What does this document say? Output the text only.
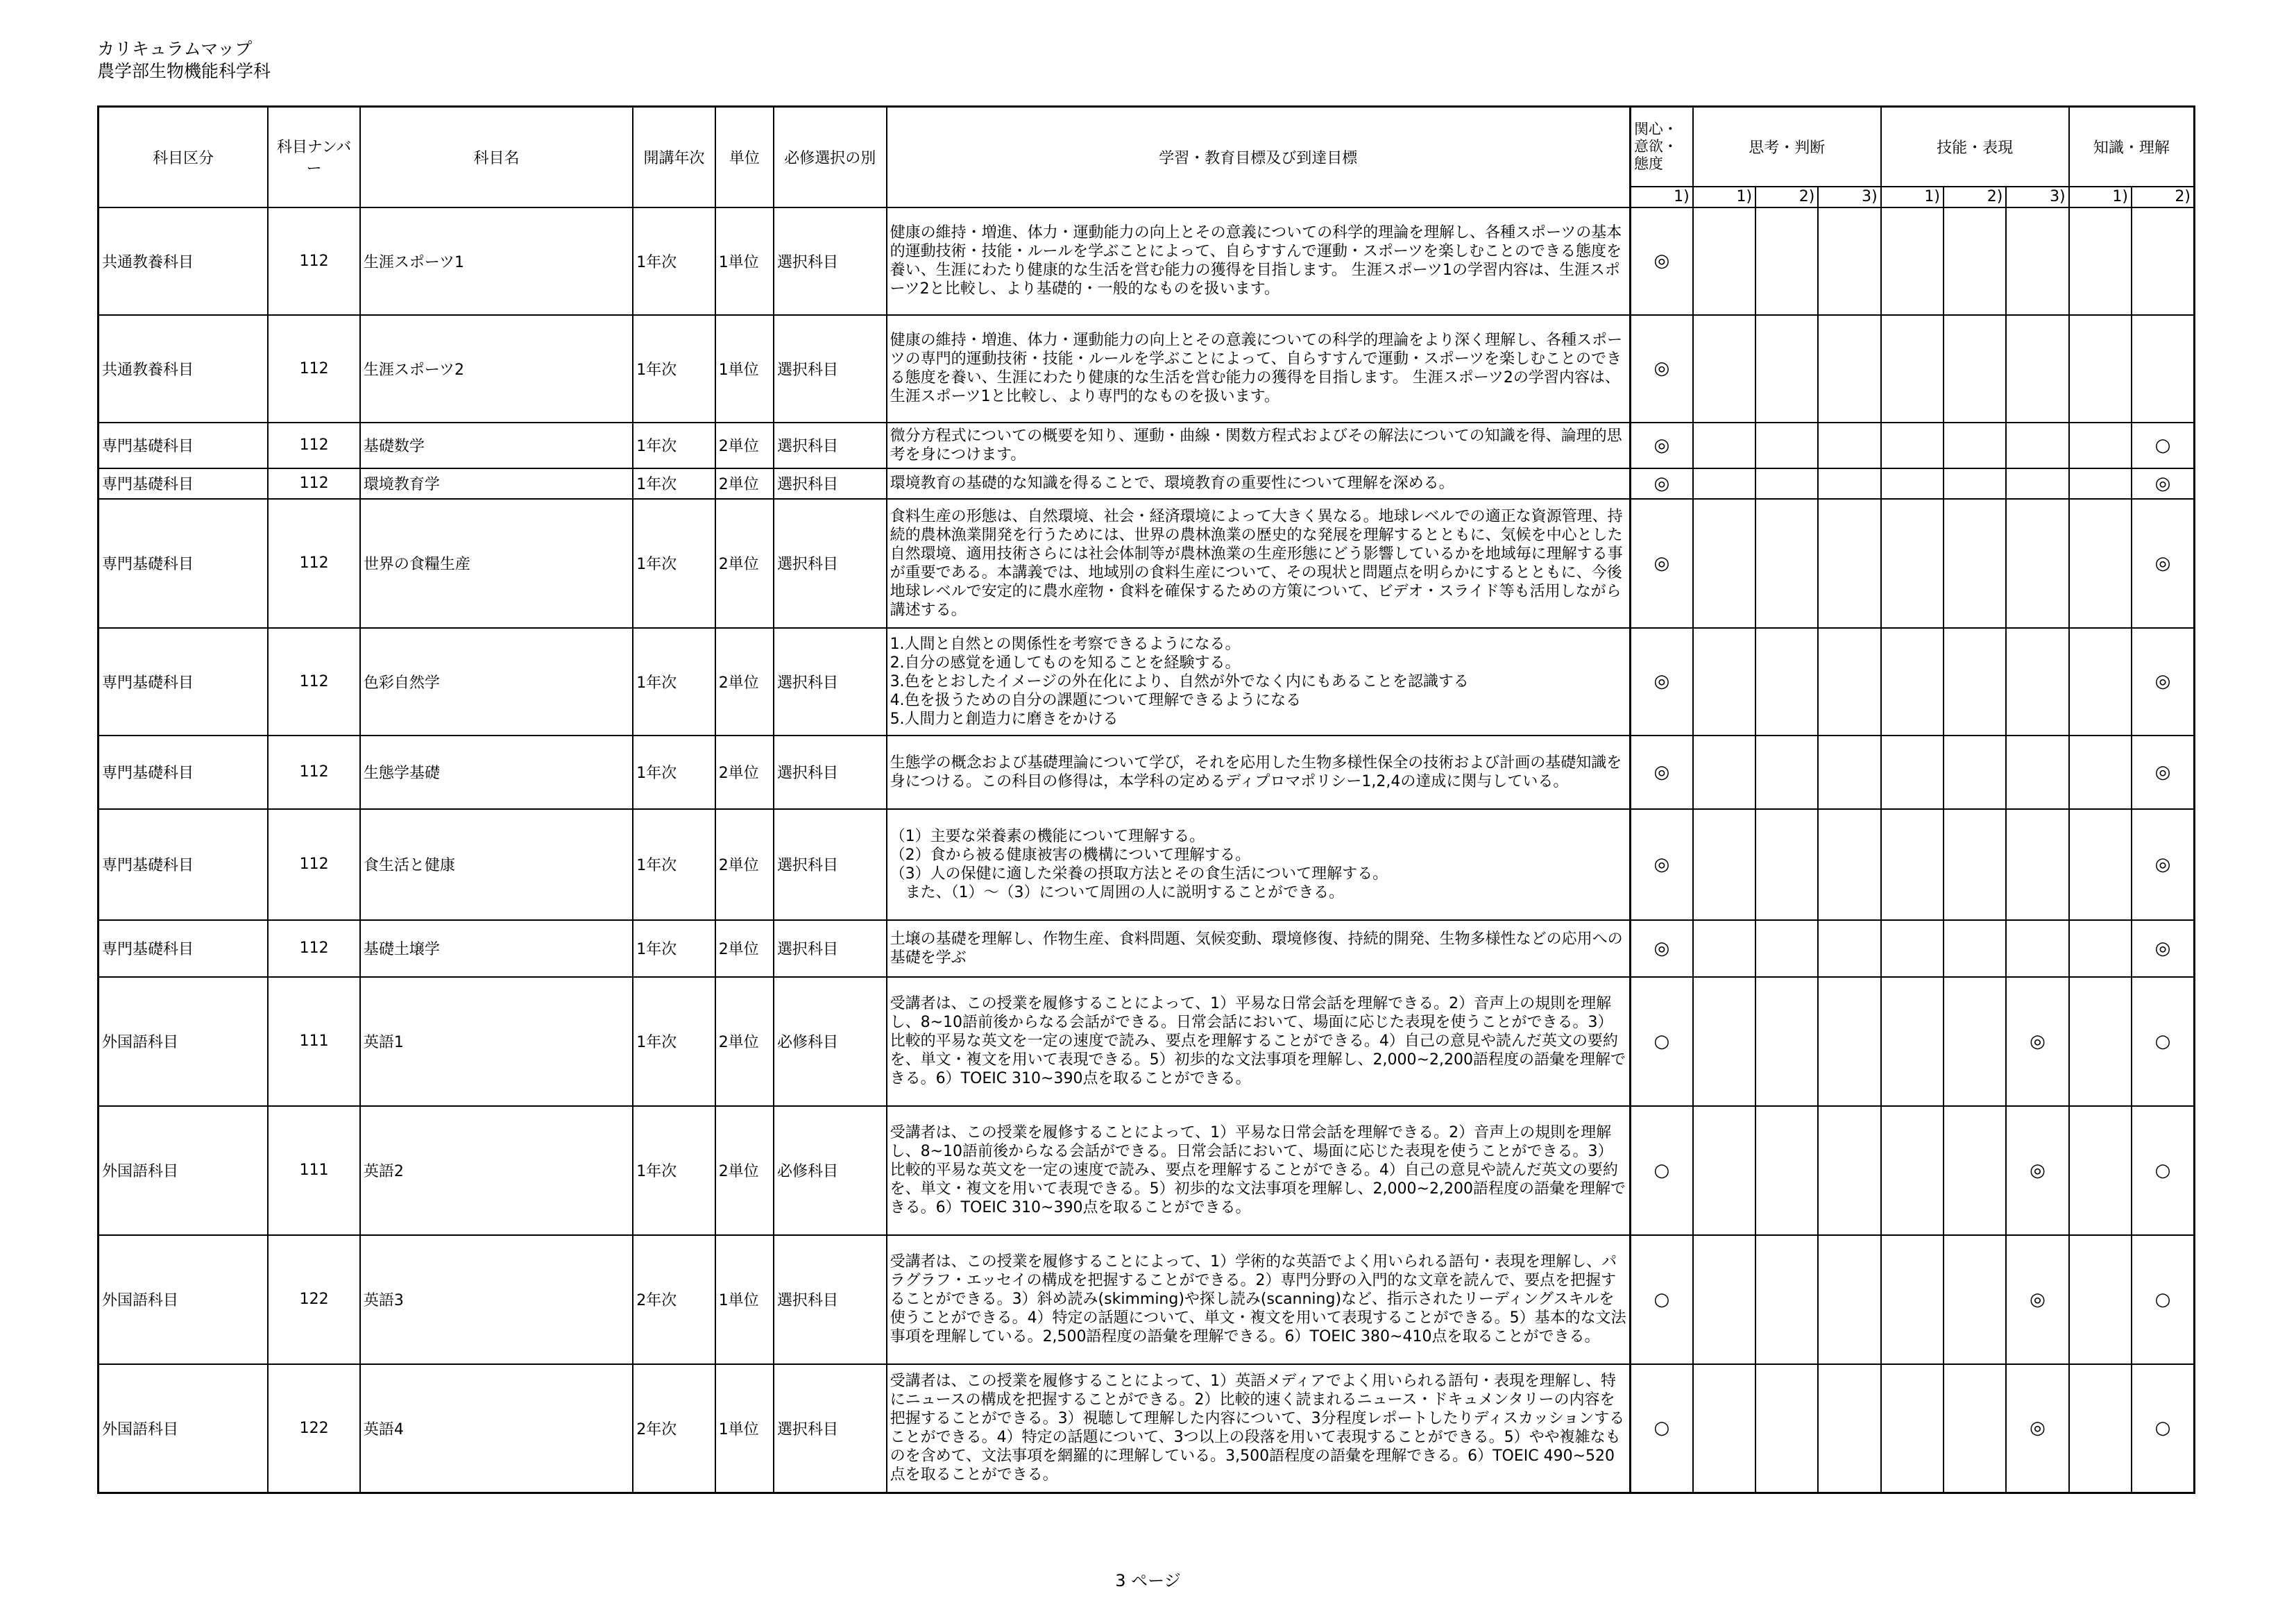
カリキュラムマップ
農学部生物機能科学科
科目区分	科目ナンバー	科目名	開講年次	単位	必修選択の別	学習・教育目標及び到達目標	関心・意欲・態度	思考・判断			技能・表現			知識・理解	
							1)	1)	2)	3)	1)	2)	3)	1)	2)
共通教養科目	112	生涯スポーツ1	1年次	1単位	選択科目	健康の維持・増進、体力・運動能力の向上とその意義についての科学的理論を理解し、各種スポーツの基本的運動技術・技能・ルールを学ぶことによって、自らすすんで運動・スポーツを楽しむことのできる態度を養い、生涯にわたり健康的な生活を営む能力の獲得を目指します。 生涯スポーツ1の学習内容は、生涯スポーツ2と比較し、より基礎的・一般的なものを扱います。	◎								
共通教養科目	112	生涯スポーツ2	1年次	1単位	選択科目	健康の維持・増進、体力・運動能力の向上とその意義についての科学的理論をより深く理解し、各種スポーツの専門的運動技術・技能・ルールを学ぶことによって、自らすすんで運動・スポーツを楽しむことのできる態度を養い、生涯にわたり健康的な生活を営む能力の獲得を目指します。 生涯スポーツ2の学習内容は、生涯スポーツ1と比較し、より専門的なものを扱います。	◎								
専門基礎科目	112	基礎数学	1年次	2単位	選択科目	微分方程式についての概要を知り、運動・曲線・関数方程式およびその解法についての知識を得、論理的思考を身につけます。	◎								○
専門基礎科目	112	環境教育学	1年次	2単位	選択科目	環境教育の基礎的な知識を得ることで、環境教育の重要性について理解を深める。	◎								◎
専門基礎科目	112	世界の食糧生産	1年次	2単位	選択科目	食料生産の形態は、自然環境、社会・経済環境によって大きく異なる。地球レベルでの適正な資源管理、持続的農林漁業開発を行うためには、世界の農林漁業の歴史的な発展を理解するとともに、気候を中心とした自然環境、適用技術さらには社会体制等が農林漁業の生産形態にどう影響しているかを地域毎に理解する事が重要である。本講義では、地域別の食料生産について、その現状と問題点を明らかにするとともに、今後地球レベルで安定的に農水産物・食料を確保するための方策について、ビデオ・スライド等も活用しながら講述する。	◎								◎
専門基礎科目	112	色彩自然学	1年次	2単位	選択科目	1.人間と自然との関係性を考察できるようになる。
2.自分の感覚を通してものを知ることを経験する。
3.色をとおしたイメージの外在化により、自然が外でなく内にもあることを認識する
4.色を扱うための自分の課題について理解できるようになる
5.人間力と創造力に磨きをかける	◎								◎
専門基礎科目	112	生態学基礎	1年次	2単位	選択科目	生態学の概念および基礎理論について学び，それを応用した生物多様性保全の技術および計画の基礎知識を身につける。この科目の修得は，本学科の定めるディプロマポリシー1,2,4の達成に関与している。	◎								◎
専門基礎科目	112	食生活と健康	1年次	2単位	選択科目	（1）主要な栄養素の機能について理解する。
（2）食から被る健康被害の機構について理解する。
（3）人の保健に適した栄養の摂取方法とその食生活について理解する。
　また、（1）～（3）について周囲の人に説明することができる。	◎								◎
専門基礎科目	112	基礎土壌学	1年次	2単位	選択科目	土壌の基礎を理解し、作物生産、食料問題、気候変動、環境修復、持続的開発、生物多様性などの応用への基礎を学ぶ	◎								◎
外国語科目	111	英語1	1年次	2単位	必修科目	受講者は、この授業を履修することによって、1）平易な日常会話を理解できる。2）音声上の規則を理解し、8~10語前後からなる会話ができる。日常会話において、場面に応じた表現を使うことができる。3）比較的平易な英文を一定の速度で読み、要点を理解することができる。4）自己の意見や読んだ英文の要約を、単文・複文を用いて表現できる。5）初歩的な文法事項を理解し、2,000~2,200語程度の語彙を理解できる。6）TOEIC 310~390点を取ることができる。	○						◎		○
外国語科目	111	英語2	1年次	2単位	必修科目	受講者は、この授業を履修することによって、1）平易な日常会話を理解できる。2）音声上の規則を理解し、8~10語前後からなる会話ができる。日常会話において、場面に応じた表現を使うことができる。3）比較的平易な英文を一定の速度で読み、要点を理解することができる。4）自己の意見や読んだ英文の要約を、単文・複文を用いて表現できる。5）初歩的な文法事項を理解し、2,000~2,200語程度の語彙を理解できる。6）TOEIC 310~390点を取ることができる。	○						◎		○
外国語科目	122	英語3	2年次	1単位	選択科目	受講者は、この授業を履修することによって、1）学術的な英語でよく用いられる語句・表現を理解し、パラグラフ・エッセイの構成を把握することができる。2）専門分野の入門的な文章を読んで、要点を把握することができる。3）斜め読み(skimming)や探し読み(scanning)など、指示されたリーディングスキルを使うことができる。4）特定の話題について、単文・複文を用いて表現することができる。5）基本的な文法事項を理解している。2,500語程度の語彙を理解できる。6）TOEIC 380~410点を取ることができる。	○						◎		○
外国語科目	122	英語4	2年次	1単位	選択科目	受講者は、この授業を履修することによって、1）英語メディアでよく用いられる語句・表現を理解し、特にニュースの構成を把握することができる。2）比較的速く読まれるニュース・ドキュメンタリーの内容を把握することができる。3）視聴して理解した内容について、3分程度レポートしたりディスカッションすることができる。4）特定の話題について、3つ以上の段落を用いて表現することができる。5）やや複雑なものを含めて、文法事項を網羅的に理解している。3,500語程度の語彙を理解できる。6）TOEIC 490~520点を取ることができる。	○						◎		○
3 ページ
